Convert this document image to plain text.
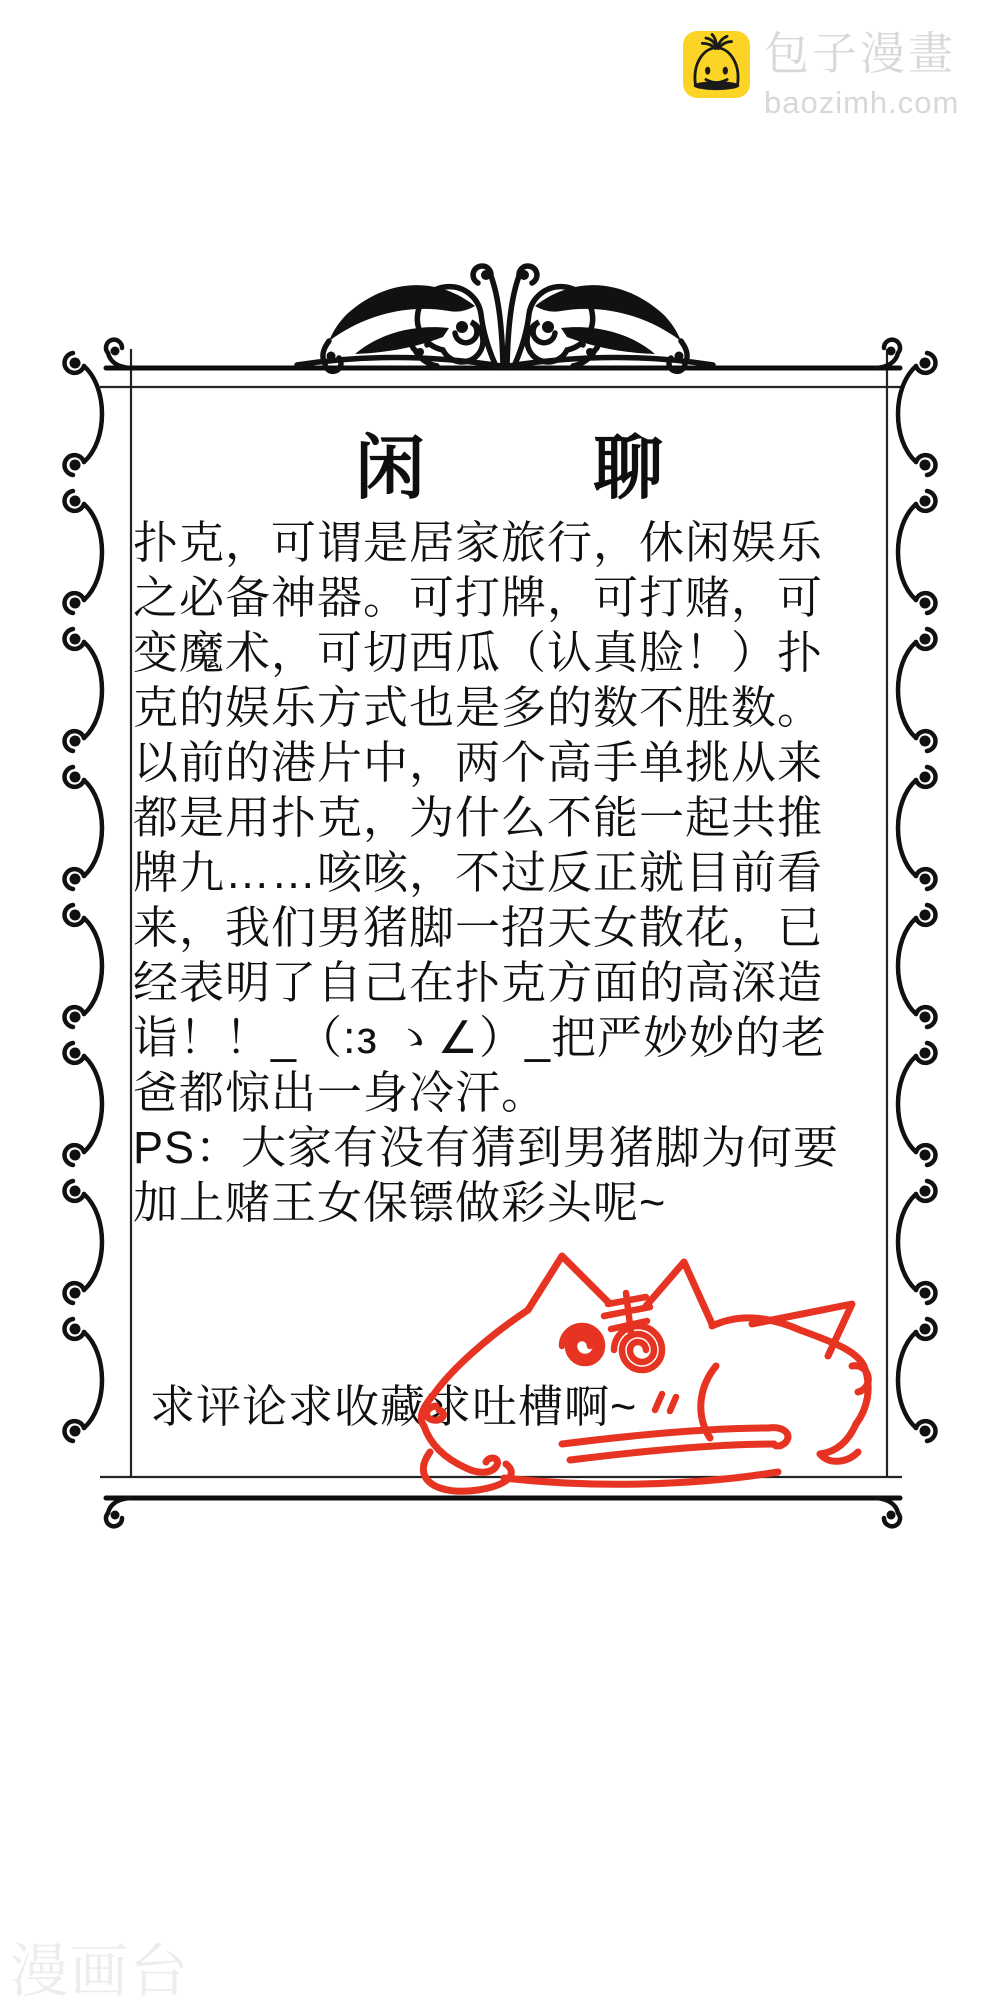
包子漫畫
baozimh.com
闲 聊
扑克，可谓是居家旅行，休闲娱乐
之必备神器。可打牌，可打赌，可
变魔术，可切西瓜（认真脸！）扑
克的娱乐方式也是多的数不胜数。
以前的港片中，两个高手单挑从来
都是用扑克，为什么不能一起共推
牌九……咳咳，不过反正就目前看
来，我们男猪脚一招天女散花，已
经表明了自己在扑克方面的高深造
诣！！_（:з ゝ∠）_把严妙妙的老
爸都惊出一身冷汗。
PS：大家有没有猜到男猪脚为何要
加上赌王女保镖做彩头呢~
求评论求收藏求吐槽啊~
漫画台
